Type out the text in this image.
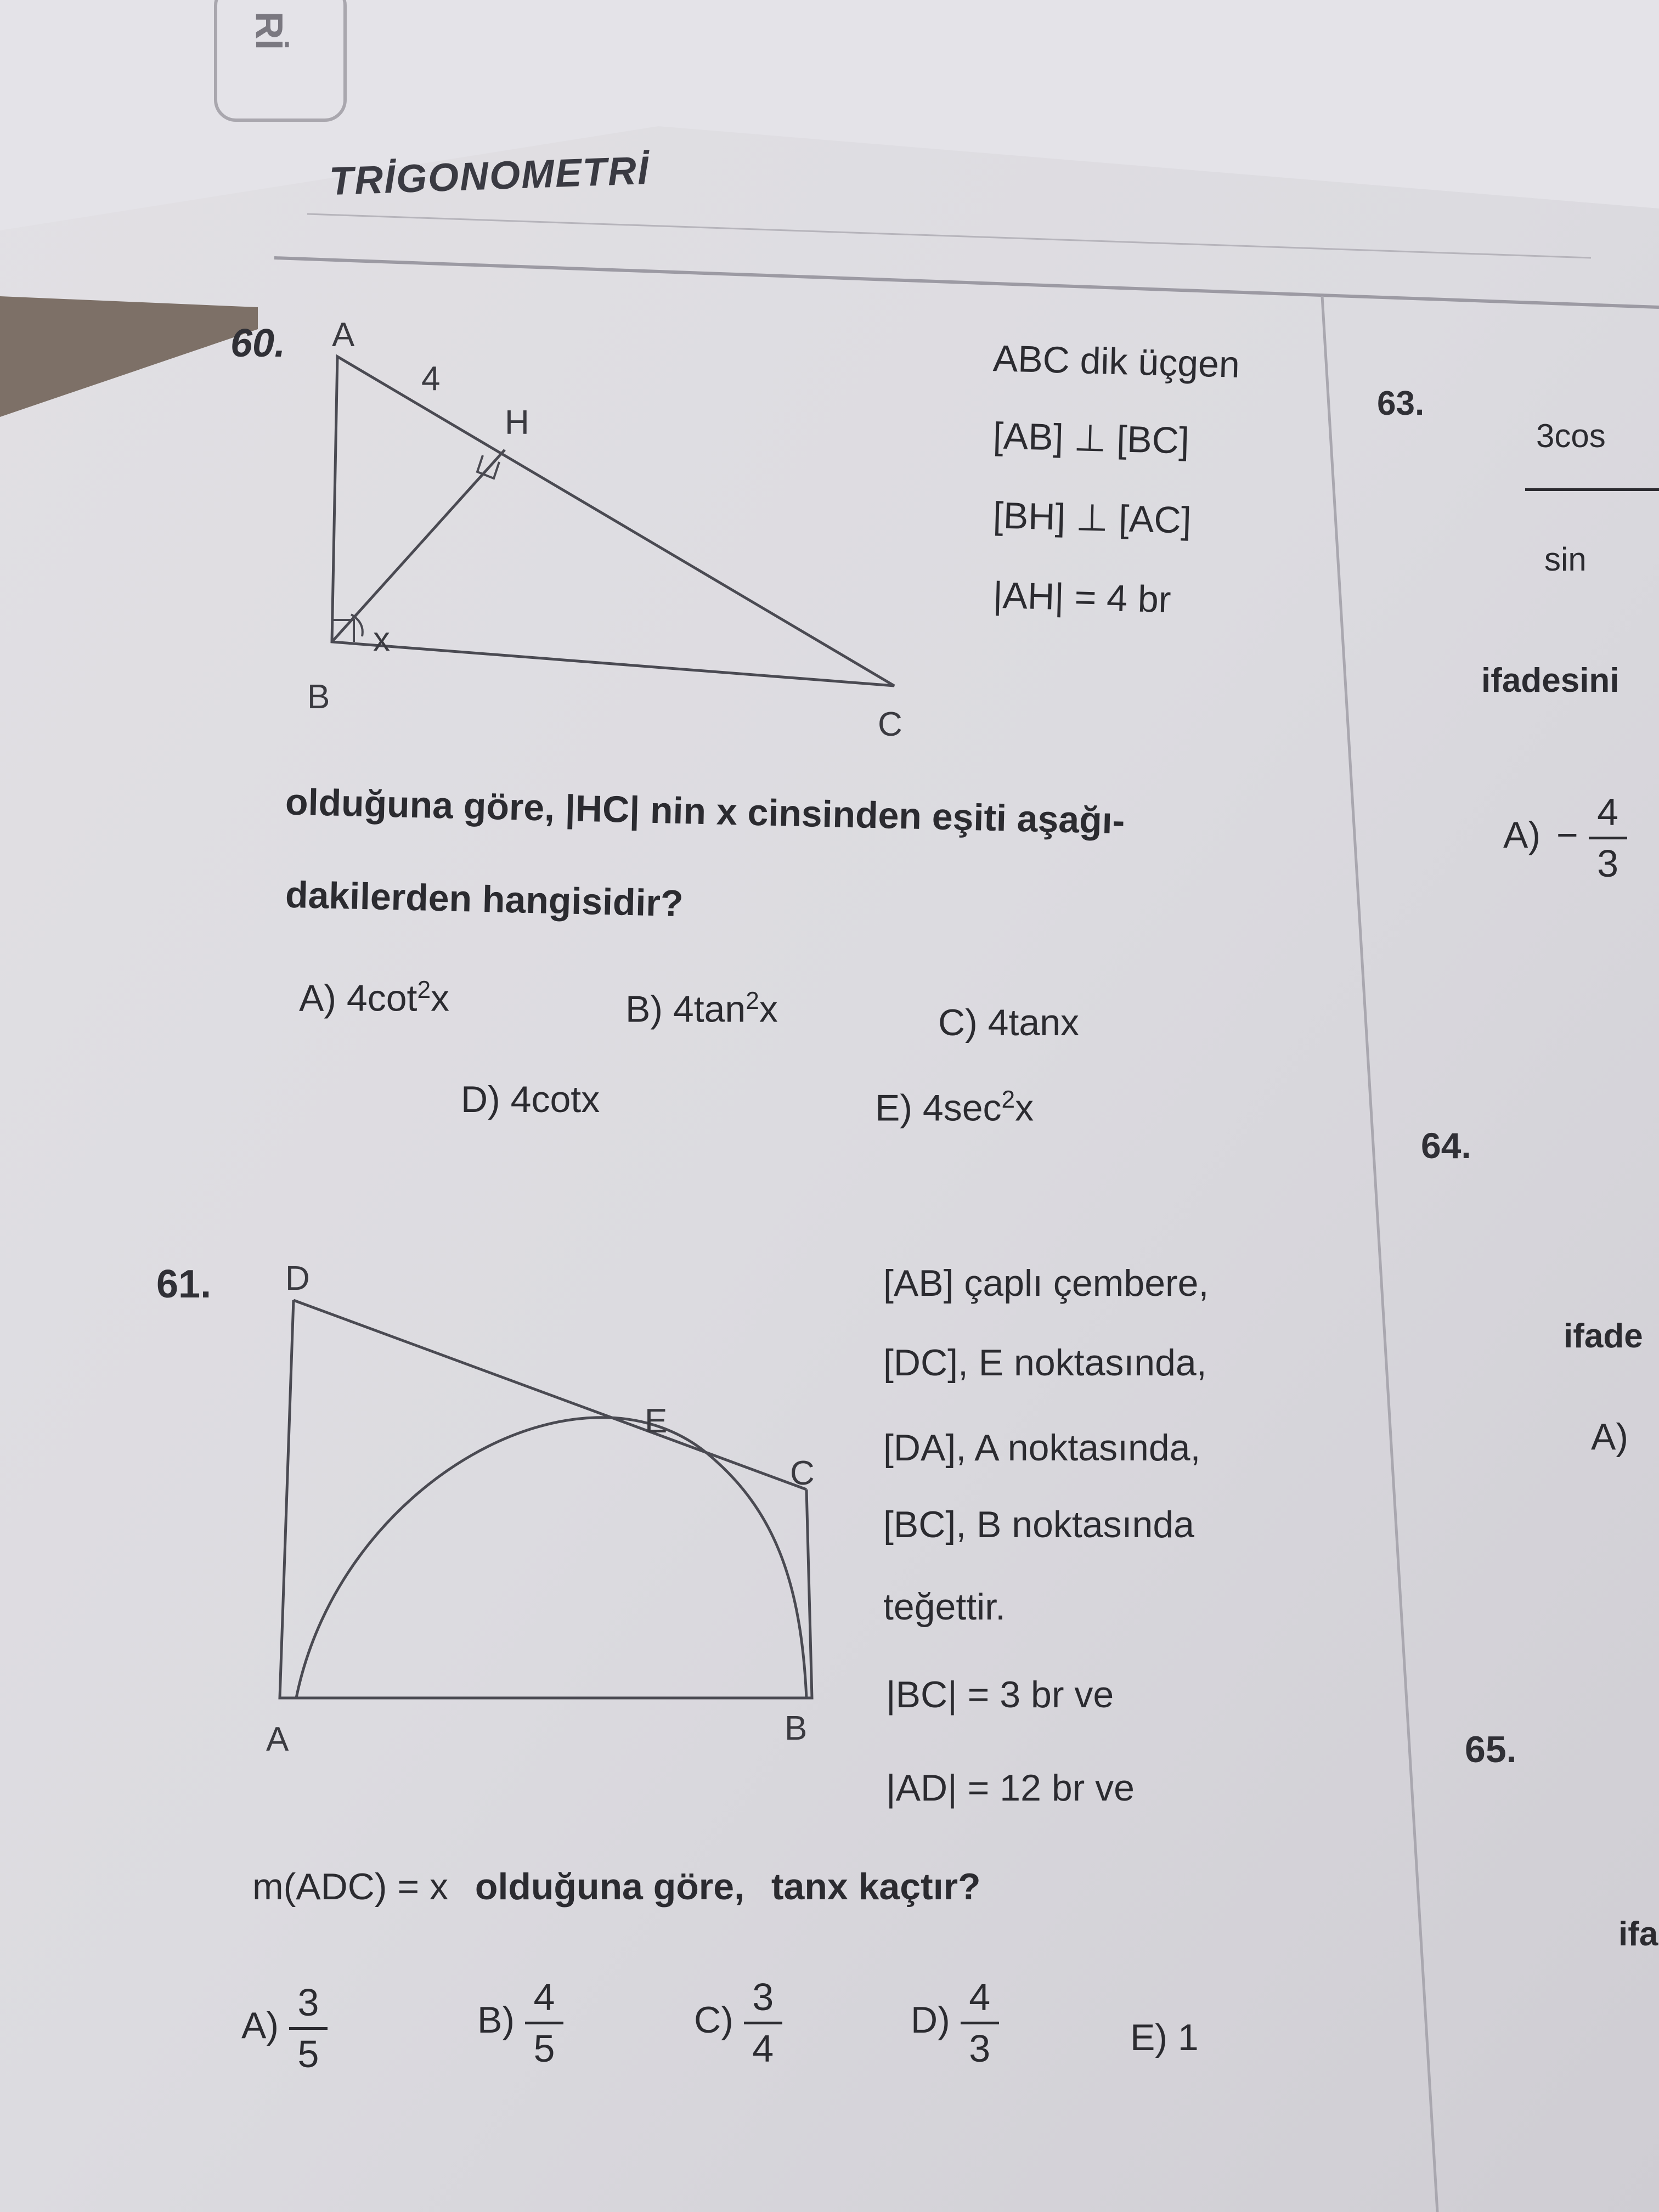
Rİ
TRİGONOMETRİ
60. A
4
H
x
B
C
ABC dik üçgen
[AB] ⊥ [BC]
[BH] ⊥ [AC]
|AH| = 4 br
olduğuna göre, |HC| nin x cinsinden eşiti aşağı-
dakilerden hangisidir?
A) $4\cot^2x$	B) $4\tan^2x$	C) 4tanx
D) 4cotx	E) $4\sec^2x$
61. D
E
C
A	B
[AB] çaplı çembere,
[DC], E noktasında,
[DA], A noktasında,
[BC], B noktasında
teğettir.
|BC| = 3 br ve
|AD| = 12 br ve
m(ADC) = x olduğuna göre, tanx kaçtır?
A)
3
5
B)
4
5
C)
3
4
D)
4
3	E) 1
63.
3cos
sin
ifadesini
A) −
4
3
64.
ifade
A)
65.
ifa
